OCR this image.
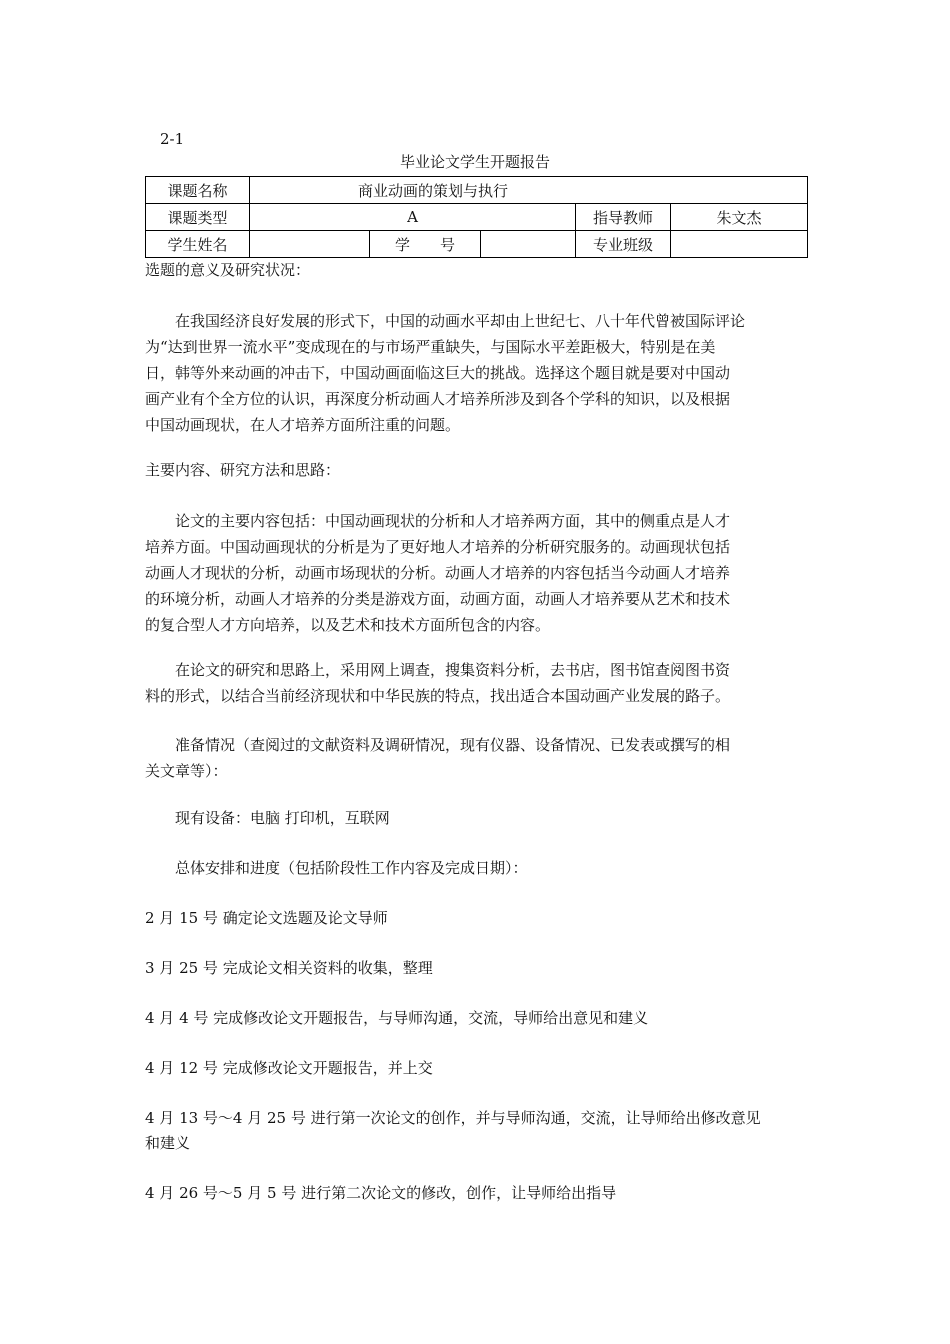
2-1
毕业论文学生开题报告
课题名称	商业动画的策划与执行				
课题类型	A			指导教师	朱文杰
学生姓名		学　　号		专业班级	
选题的意义及研究状况：
在我国经济良好发展的形式下，中国的动画水平却由上世纪七、八十年代曾被国际评论
为“达到世界一流水平”变成现在的与市场严重缺失，与国际水平差距极大，特别是在美
日，韩等外来动画的冲击下，中国动画面临这巨大的挑战。选择这个题目就是要对中国动
画产业有个全方位的认识，再深度分析动画人才培养所涉及到各个学科的知识，以及根据
中国动画现状，在人才培养方面所注重的问题。
主要内容、研究方法和思路：
论文的主要内容包括：中国动画现状的分析和人才培养两方面，其中的侧重点是人才
培养方面。中国动画现状的分析是为了更好地人才培养的分析研究服务的。动画现状包括
动画人才现状的分析，动画市场现状的分析。动画人才培养的内容包括当今动画人才培养
的环境分析，动画人才培养的分类是游戏方面，动画方面，动画人才培养要从艺术和技术
的复合型人才方向培养，以及艺术和技术方面所包含的内容。
在论文的研究和思路上，采用网上调查，搜集资料分析，去书店，图书馆查阅图书资
料的形式，以结合当前经济现状和中华民族的特点，找出适合本国动画产业发展的路子。
准备情况（查阅过的文献资料及调研情况，现有仪器、设备情况、已发表或撰写的相
关文章等）：
现有设备：电脑 打印机，互联网
总体安排和进度（包括阶段性工作内容及完成日期）：
2 月 15 号 确定论文选题及论文导师
3 月 25 号 完成论文相关资料的收集，整理
4 月 4 号 完成修改论文开题报告，与导师沟通，交流，导师给出意见和建义
4 月 12 号 完成修改论文开题报告，并上交
4 月 13 号～4 月 25 号 进行第一次论文的创作，并与导师沟通，交流，让导师给出修改意见
和建义
4 月 26 号～5 月 5 号 进行第二次论文的修改，创作，让导师给出指导
